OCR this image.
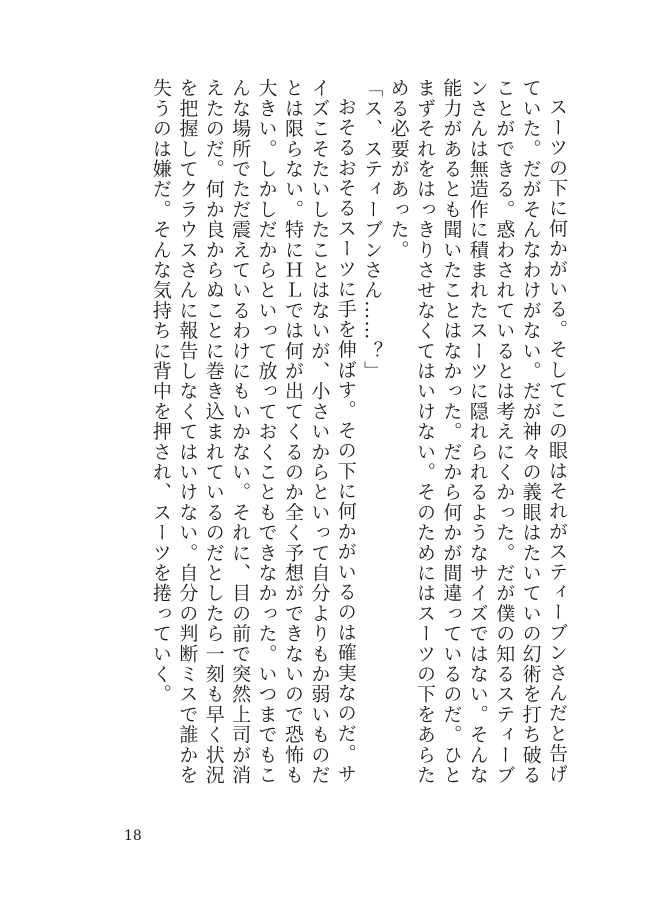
スーツの下に何かがいる。そしてこの眼はそれがスティーブンさんだと告げていた。だがそんなわけがない。だが神々の義眼はたいていの幻術を打ち破ることができる。惑わされているとは考えにくかった。だが僕の知るスティーブンさんは無造作に積まれたスーツに隠れられるようなサイズではない。そんな能力があるとも聞いたことはなかった。だから何かが間違っているのだ。ひとまずそれをはっきりさせなくてはいけない。そのためにはスーツの下をあらためる必要があった。

「ス、スティーブンさん……？」

おそるおそるスーツに手を伸ばす。その下に何かがいるのは確実なのだ。サイズこそたいしたことはないが、小さいからといって自分よりもか弱いものだとは限らない。特にＨＬでは何が出てくるのか全く予想ができないので恐怖も大きい。しかしだからといって放っておくこともできなかった。いつまでもこんな場所でただ震えているわけにもいかない。それに、目の前で突然上司が消えたのだ。何か良からぬことに巻き込まれているのだとしたら一刻も早く状況を把握してクラウスさんに報告しなくてはいけない。自分の判断ミスで誰かを失うのは嫌だ。そんな気持ちに背中を押され、スーツを捲っていく。

18
